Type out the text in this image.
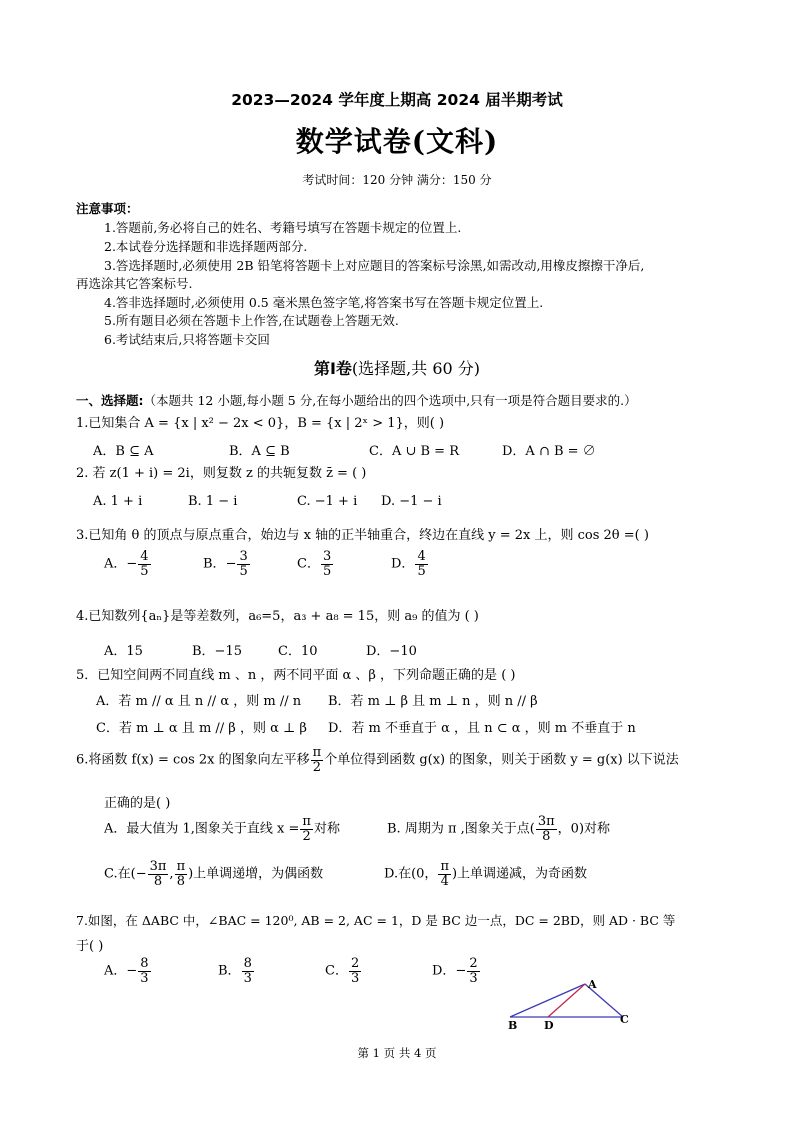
2023—2024 学年度上期高 2024 届半期考试
数学试卷(文科)
考试时间：120 分钟 满分：150 分
注意事项：
1.答题前,务必将自己的姓名、考籍号填写在答题卡规定的位置上.
2.本试卷分选择题和非选择题两部分.
3.答选择题时,必须使用 2B 铅笔将答题卡上对应题目的答案标号涂黑,如需改动,用橡皮擦擦干净后,
再选涂其它答案标号.
4.答非选择题时,必须使用 0.5 毫米黑色签字笔,将答案书写在答题卡规定位置上.
5.所有题目必须在答题卡上作答,在试题卷上答题无效.
6.考试结束后,只将答题卡交回
第Ⅰ卷(选择题,共 60 分)
一、选择题:（本题共 12 小题,每小题 5 分,在每小题给出的四个选项中,只有一项是符合题目要求的.）
1.已知集合 A = {x | x² − 2x < 0}，B = {x | 2ˣ > 1}，则( )
A．B ⊆ A	B．A ⊆ B	C．A ∪ B = R	D．A ∩ B = ∅
2. 若 z(1 + i) = 2i，则复数 z 的共轭复数 z̄ = ( )
A. 1 + i	B. 1 − i	C. −1 + i D. −1 − i
3.已知角 θ 的顶点与原点重合，始边与 x 轴的正半轴重合，终边在直线 y = 2x 上，则 cos 2θ =( )
A．− $\frac{4}{5}$	B．− $\frac{3}{5}$	C． $\frac{3}{5}$	D． $\frac{4}{5}$
4.已知数列{aₙ}是等差数列，a₆=5，a₃ + a₈ = 15，则 a₉ 的值为 ( )
A．15	B．−15	C．10	D．−10
5．已知空间两不同直线 m 、n ，两不同平面 α 、β ，下列命题正确的是 ( )
A．若 m // α 且 n // α ，则 m // n B．若 m ⊥ β 且 m ⊥ n ，则 n // β
C．若 m ⊥ α 且 m // β ，则 α ⊥ β D．若 m 不垂直于 α ，且 n ⊂ α ，则 m 不垂直于 n
6.将函数 f(x) = cos 2x 的图象向左平移 $\frac{\pi}{2}$ 个单位得到函数 g(x) 的图象，则关于函数 y = g(x) 以下说法
正确的是( )
A．最大值为 1,图象关于直线 $x = \frac{\pi}{2}$ 对称	B. 周期为 π ,图象关于点( $\frac{3\pi}{8}$ ，0)对称
C.在(− $\frac{3\pi}{8}$ , $\frac{\pi}{8}$ )上单调递增，为偶函数	D.在(0， $\frac{\pi}{4}$ )上单调递减，为奇函数
7.如图，在 ΔABC 中，∠BAC = 120⁰, AB = 2, AC = 1，D 是 BC 边一点，DC = 2BD，则 AD · BC 等
于( )
A．− $\frac{8}{3}$	B． $\frac{8}{3}$	C． $\frac{2}{3}$	D．− $\frac{2}{3}$	A
B D	C
第 1 页 共 4 页
